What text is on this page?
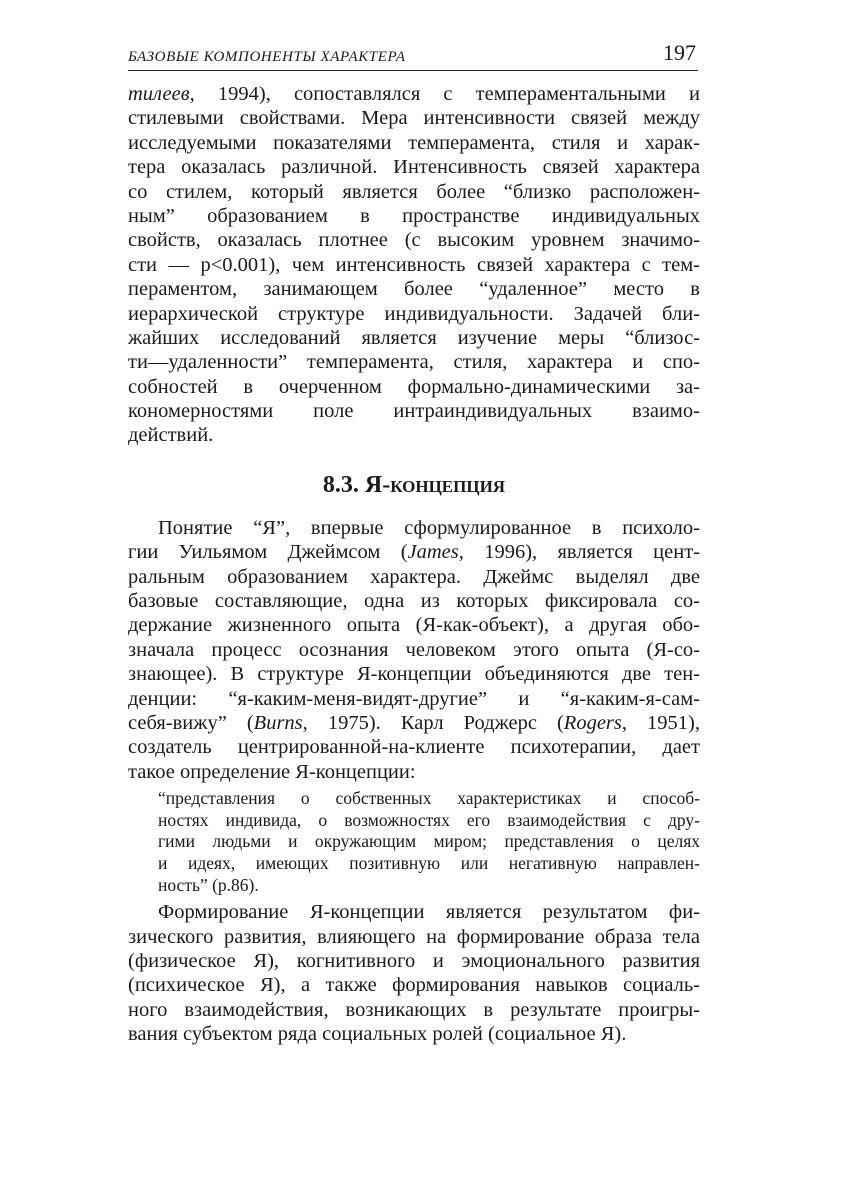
БАЗОВЫЕ КОМПОНЕНТЫ ХАРАКТЕРА	197
тилеев, 1994), сопоставлялся с темпераментальными и
стилевыми свойствами. Мера интенсивности связей между
исследуемыми показателями темперамента, стиля и харак-
тера оказалась различной. Интенсивность связей характера
со стилем, который является более “близко расположен-
ным” образованием в пространстве индивидуальных
свойств, оказалась плотнее (с высоким уровнем значимо-
сти — p<0.001), чем интенсивность связей характера с тем-
пераментом, занимающем более “удаленное” место в
иерархической структуре индивидуальности. Задачей бли-
жайших исследований является изучение меры “близос-
ти—удаленности” темперамента, стиля, характера и спо-
собностей в очерченном формально-динамическими за-
кономерностями поле интраиндивидуальных взаимо-
действий.
8.3. Я-концепция
Понятие “Я”, впервые сформулированное в психоло-
гии Уильямом Джеймсом (James, 1996), является цент-
ральным образованием характера. Джеймс выделял две
базовые составляющие, одна из которых фиксировала со-
держание жизненного опыта (Я-как-объект), а другая обо-
значала процесс осознания человеком этого опыта (Я-со-
знающее). В структуре Я-концепции объединяются две тен-
денции: “я-каким-меня-видят-другие” и “я-каким-я-сам-
себя-вижу” (Burns, 1975). Карл Роджерс (Rogers, 1951),
создатель центрированной-на-клиенте психотерапии, дает
такое определение Я-концепции:
“представления о собственных характеристиках и способ-
ностях индивида, о возможностях его взаимодействия с дру-
гими людьми и окружающим миром; представления о целях
и идеях, имеющих позитивную или негативную направлен-
ность” (p.86).
Формирование Я-концепции является результатом фи-
зического развития, влияющего на формирование образа тела
(физическое Я), когнитивного и эмоционального развития
(психическое Я), а также формирования навыков социаль-
ного взаимодействия, возникающих в результате проигры-
вания субъектом ряда социальных ролей (социальное Я).
